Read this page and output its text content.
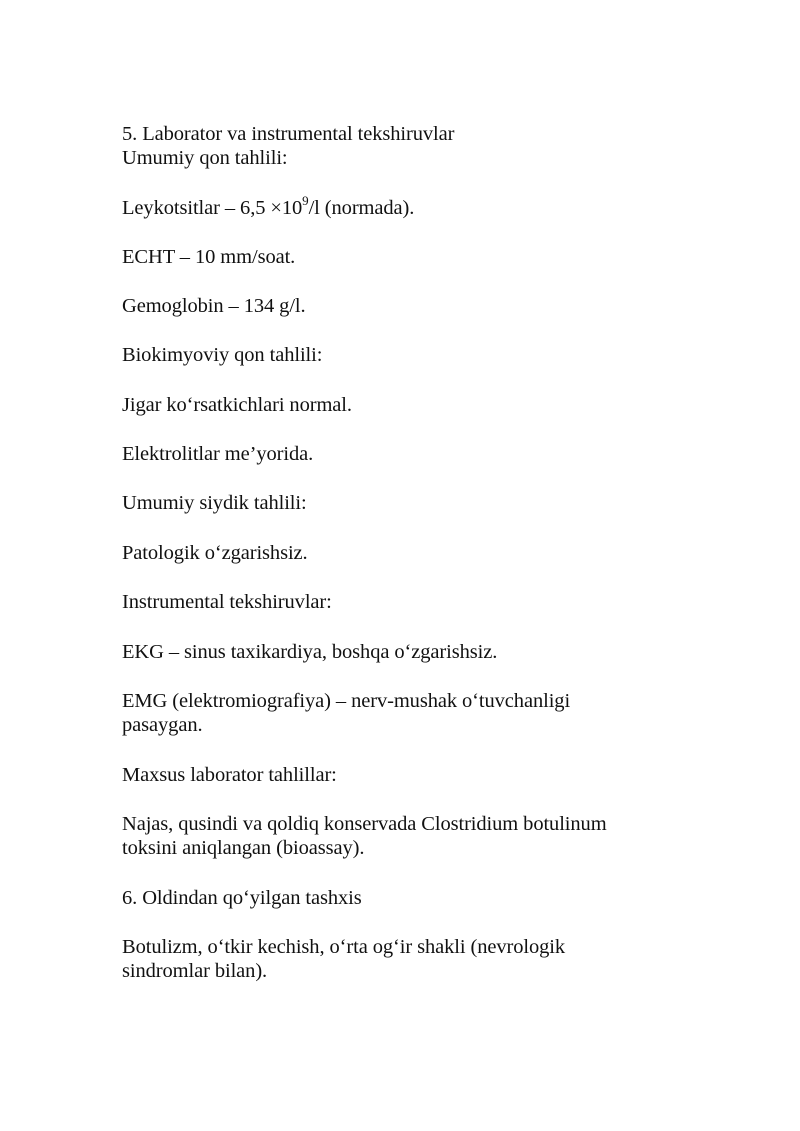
5. Laborator va instrumental tekshiruvlar
Umumiy qon tahlili:
Leykotsitlar – $6,5 \times 10^9/l$ (normada).
ECHT – 10 mm/soat.
Gemoglobin – 134 g/l.
Biokimyoviy qon tahlili:
Jigar ko‘rsatkichlari normal.
Elektrolitlar me’yorida.
Umumiy siydik tahlili:
Patologik o‘zgarishsiz.
Instrumental tekshiruvlar:
EKG – sinus taxikardiya, boshqa o‘zgarishsiz.
EMG (elektromiografiya) – nerv-mushak o‘tuvchanligi
pasaygan.
Maxsus laborator tahlillar:
Najas, qusindi va qoldiq konservada Clostridium botulinum
toksini aniqlangan (bioassay).
6. Oldindan qo‘yilgan tashxis
Botulizm, o‘tkir kechish, o‘rta og‘ir shakli (nevrologik
sindromlar bilan).
